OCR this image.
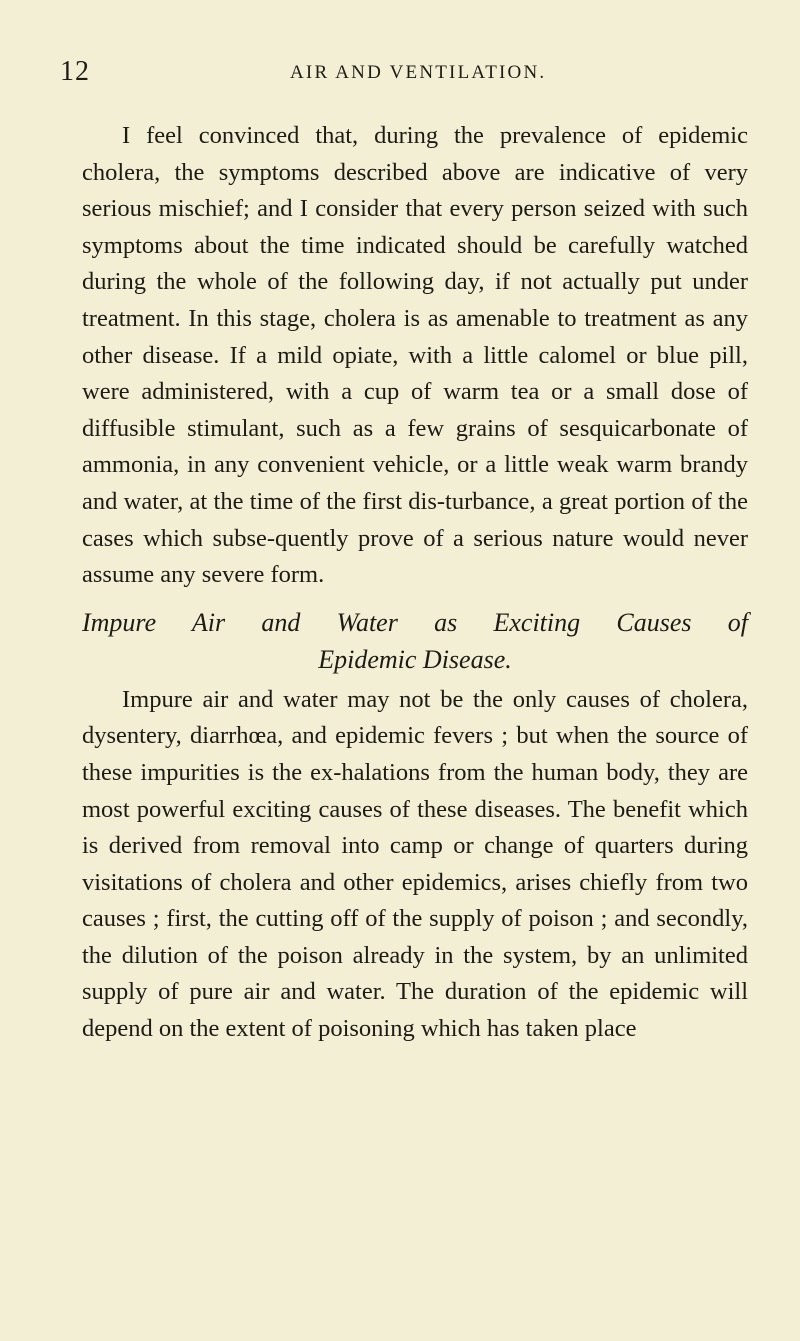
12	AIR AND VENTILATION.

I feel convinced that, during the prevalence of epidemic cholera, the symptoms described above are indicative of very serious mischief; and I consider that every person seized with such symptoms about the time indicated should be carefully watched during the whole of the following day, if not actually put under treatment. In this stage, cholera is as amenable to treatment as any other disease. If a mild opiate, with a little calomel or blue pill, were administered, with a cup of warm tea or a small dose of diffusible stimulant, such as a few grains of sesquicarbonate of ammonia, in any convenient vehicle, or a little weak warm brandy and water, at the time of the first dis-turbance, a great portion of the cases which subse-quently prove of a serious nature would never assume any severe form.

Impure Air and Water as Exciting Causes of
Epidemic Disease.

Impure air and water may not be the only causes of cholera, dysentery, diarrhœa, and epidemic fevers ; but when the source of these impurities is the ex-halations from the human body, they are most powerful exciting causes of these diseases. The benefit which is derived from removal into camp or change of quarters during visitations of cholera and other epidemics, arises chiefly from two causes ; first, the cutting off of the supply of poison ; and secondly, the dilution of the poison already in the system, by an unlimited supply of pure air and water. The duration of the epidemic will depend on the extent of poisoning which has taken place
